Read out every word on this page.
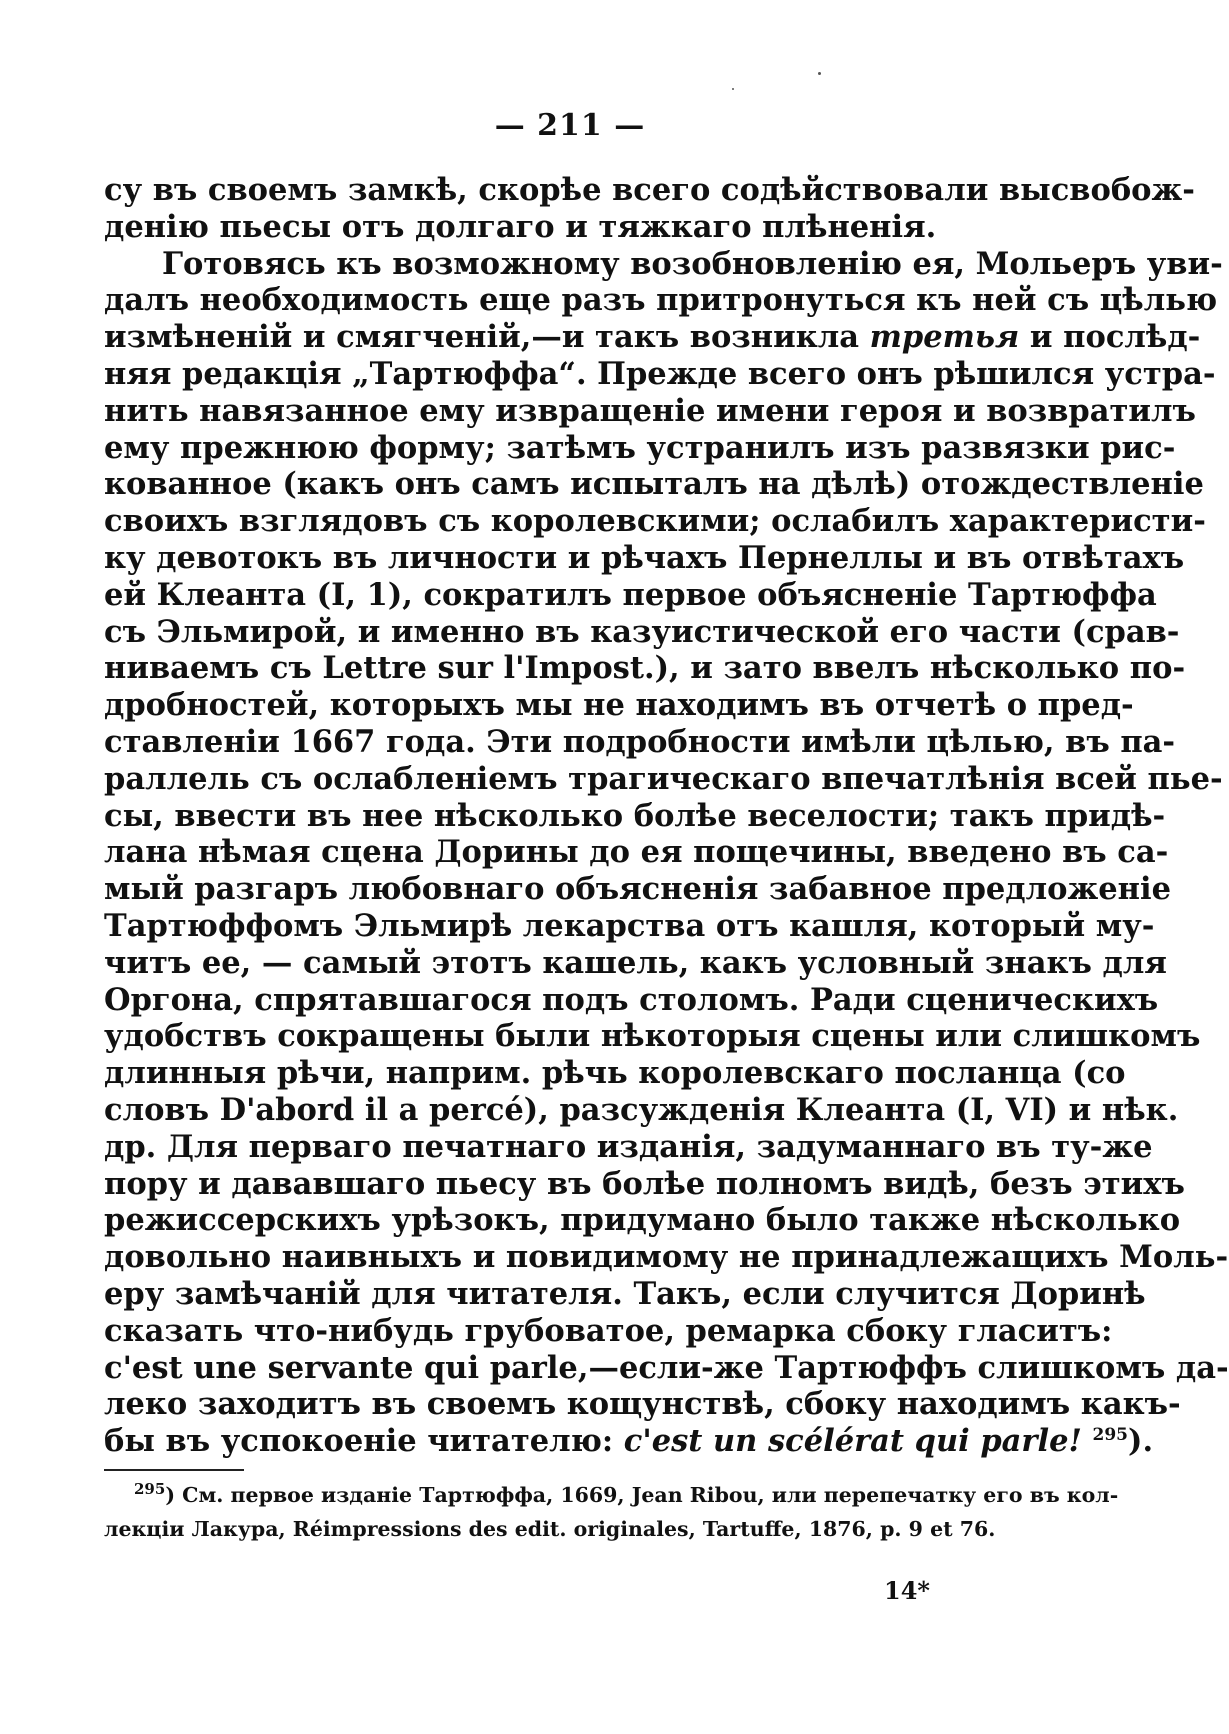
— 211 —

су въ своемъ замкѣ, скорѣе всего содѣйствовали высвобож-
денію пьесы отъ долгаго и тяжкаго плѣненія.

Готовясь къ возможному возобновленію ея, Мольеръ уви-
далъ необходимость еще разъ притронуться къ ней съ цѣлью
измѣненій и смягченій,—и такъ возникла третья и послѣд-
няя редакція „Тартюффа“. Прежде всего онъ рѣшился устра-
нить навязанное ему извращеніе имени героя и возвратилъ
ему прежнюю форму; затѣмъ устранилъ изъ развязки рис-
кованное (какъ онъ самъ испыталъ на дѣлѣ) отождествленіе
своихъ взглядовъ съ королевскими; ослабилъ характеристи-
ку девотокъ въ личности и рѣчахъ Пернеллы и въ отвѣтахъ
ей Клеанта (I, 1), сократилъ первое объясненіе Тартюффа
съ Эльмирой, и именно въ казуистической его части (срав-
ниваемъ съ Lettre sur l'Impost.), и зато ввелъ нѣсколько по-
дробностей, которыхъ мы не находимъ въ отчетѣ о пред-
ставленіи 1667 года. Эти подробности имѣли цѣлью, въ па-
раллель съ ослабленіемъ трагическаго впечатлѣнія всей пье-
сы, ввести въ нее нѣсколько болѣе веселости; такъ придѣ-
лана нѣмая сцена Дорины до ея пощечины, введено въ са-
мый разгаръ любовнаго объясненія забавное предложеніе
Тартюффомъ Эльмирѣ лекарства отъ кашля, который му-
читъ ее, — самый этотъ кашель, какъ условный знакъ для
Оргона, спрятавшагося подъ столомъ. Ради сценическихъ
удобствъ сокращены были нѣкоторыя сцены или слишкомъ
длинныя рѣчи, наприм. рѣчь королевскаго посланца (со
словъ D'abord il a percé), разсужденія Клеанта (I, VI) и нѣк.
др. Для перваго печатнаго изданія, задуманнаго въ ту-же
пору и дававшаго пьесу въ болѣе полномъ видѣ, безъ этихъ
режиссерскихъ урѣзокъ, придумано было также нѣсколько
довольно наивныхъ и повидимому не принадлежащихъ Моль-
еру замѣчаній для читателя. Такъ, если случится Доринѣ
сказать что-нибудь грубоватое, ремарка сбоку гласитъ:
c'est une servante qui parle,—если-же Тартюффъ слишкомъ да-
леко заходитъ въ своемъ кощунствѣ, сбоку находимъ какъ-
бы въ успокоеніе читателю: c'est un scélérat qui parle! $^{295}$).

$^{295}$) См. первое изданіе Тартюффа, 1669, Jean Ribou, или перепечатку его въ кол-
лекціи Лакура, Réimpressions des edit. originales, Tartuffe, 1876, p. 9 et 76.
14*
